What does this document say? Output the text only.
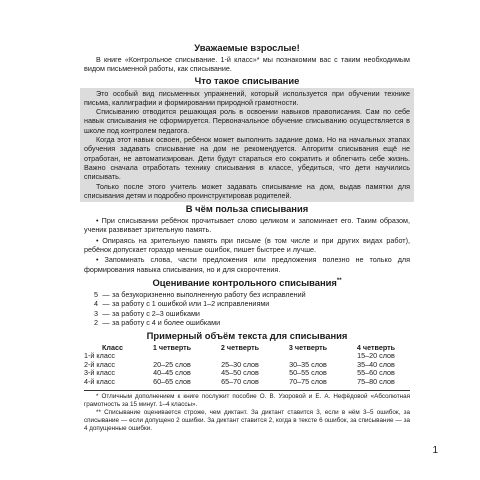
Уважаемые взрослые!

В книге «Контрольное списывание. 1-й класс»* мы познакомим вас с таким необходимым видом письменной работы, как списывание.

Что такое списывание

Это особый вид письменных упражнений, который используется при обучении технике письма, каллиграфии и формировании природной грамотности.

Списыванию отводится решающая роль в освоении навыков правописания. Сам по себе навык списывания не сформируется. Первоначальное обучение списыванию осуществляется в школе под контролем педагога.

Когда этот навык освоен, ребёнок может выполнить задание дома. Но на начальных этапах обучения задавать списывание на дом не рекомендуется. Алгоритм списывания ещё не отработан, не автоматизирован. Дети будут стараться его сократить и облегчить себе жизнь. Важно сначала отработать технику списывания в классе, убедиться, что дети научились списывать.

Только после этого учитель может задавать списывание на дом, выдав памятки для списывания детям и подробно проинструктировав родителей.

В чём польза списывания

• При списывании ребёнок прочитывает слово целиком и запоминает его. Таким образом, ученик развивает зрительную память.

• Опираясь на зрительную память при письме (в том числе и при других видах работ), ребёнок допускает гораздо меньше ошибок, пишет быстрее и лучше.

• Запоминать слова, части предложения или предложения полезно не только для формирования навыка списывания, но и для скорочтения.

Оценивание контрольного списывания**
5 — за безукоризненно выполненную работу без исправлений
4 — за работу с 1 ошибкой или 1–2 исправлениями
3 — за работу с 2–3 ошибками
2 — за работу с 4 и более ошибками
Примерный объём текста для списывания
Класс	1 четверть	2 четверть	3 четверть	4 четверть
1-й класс				15–20 слов
2-й класс	20–25 слов	25–30 слов	30–35 слов	35–40 слов
3-й класс	40–45 слов	45–50 слов	50–55 слов	55–60 слов
4-й класс	60–65 слов	65–70 слов	70–75 слов	75–80 слов

* Отличным дополнением к книге послужит пособие О. В. Узоровой и Е. А. Нефёдовой «Абсолютная грамотность за 15 минут. 1–4 классы».

** Списывание оценивается строже, чем диктант. За диктант ставится 3, если в нём 3–5 ошибок, за списывание — если допущено 2 ошибки. За диктант ставится 2, когда в тексте 6 ошибок, за списывание — за 4 допущенные ошибки.

1
